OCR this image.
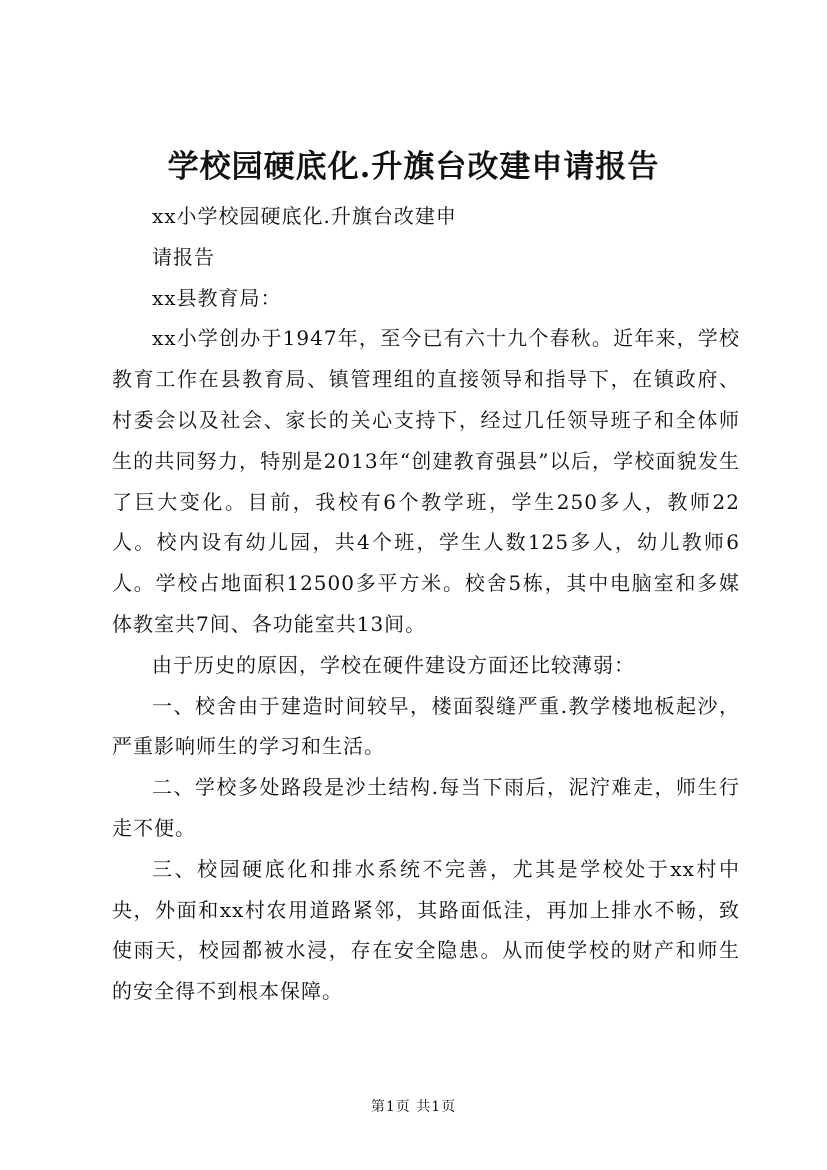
学校园硬底化.升旗台改建申请报告

xx小学校园硬底化.升旗台改建申

请报告

xx县教育局：

xx小学创办于1947年，至今已有六十九个春秋。近年来，学校教育工作在县教育局、镇管理组的直接领导和指导下，在镇政府、村委会以及社会、家长的关心支持下，经过几任领导班子和全体师生的共同努力，特别是2013年“创建教育强县”以后，学校面貌发生了巨大变化。目前，我校有6个教学班，学生250多人，教师22人。校内设有幼儿园，共4个班，学生人数125多人，幼儿教师6人。学校占地面积12500多平方米。校舍5栋，其中电脑室和多媒体教室共7间、各功能室共13间。

由于历史的原因，学校在硬件建设方面还比较薄弱：

一、校舍由于建造时间较早，楼面裂缝严重.教学楼地板起沙，严重影响师生的学习和生活。

二、学校多处路段是沙土结构.每当下雨后，泥泞难走，师生行走不便。

三、校园硬底化和排水系统不完善，尤其是学校处于xx村中央，外面和xx村农用道路紧邻，其路面低洼，再加上排水不畅，致使雨天，校园都被水浸，存在安全隐患。从而使学校的财产和师生的安全得不到根本保障。

第1页 共1页
